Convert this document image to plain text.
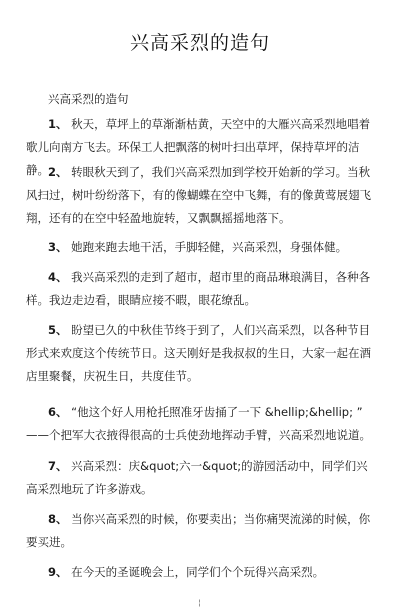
兴高采烈的造句
兴高采烈的造句
1、 秋天，草坪上的草渐渐枯黄，天空中的大雁兴高采烈地唱着歌儿向南方飞去。环保工人把飘落的树叶扫出草坪，保持草坪的洁静。 2、 转眼秋天到了，我们兴高采烈加到学校开始新的学习。当秋风扫过，树叶纷纷落下，有的像蝴蝶在空中飞舞，有的像黄莺展翅飞翔，还有的在空中轻盈地旋转，又飘飘摇摇地落下。
3、 她跑来跑去地干活，手脚轻健，兴高采烈，身强体健。
4、 我兴高采烈的走到了超市，超市里的商品琳琅满目，各种各样。我边走边看，眼睛应接不暇，眼花缭乱。
5、 盼望已久的中秋佳节终于到了，人们兴高采烈，以各种节目形式来欢度这个传统节日。这天刚好是我叔叔的生日，大家一起在酒店里聚餐，庆祝生日，共度佳节。
6、 “他这个好人用枪托照准牙齿捅了一下 &hellip;&hellip; ” ——个把军大衣掖得很高的士兵使劲地挥动手臂，兴高采烈地说道。
7、 兴高采烈：庆&quot;六一&quot;的游园活动中，同学们兴高采烈地玩了许多游戏。
8、 当你兴高采烈的时候，你要卖出；当你痛哭流涕的时候，你要买进。
9、 在今天的圣诞晚会上，同学们个个玩得兴高采烈。
¦
